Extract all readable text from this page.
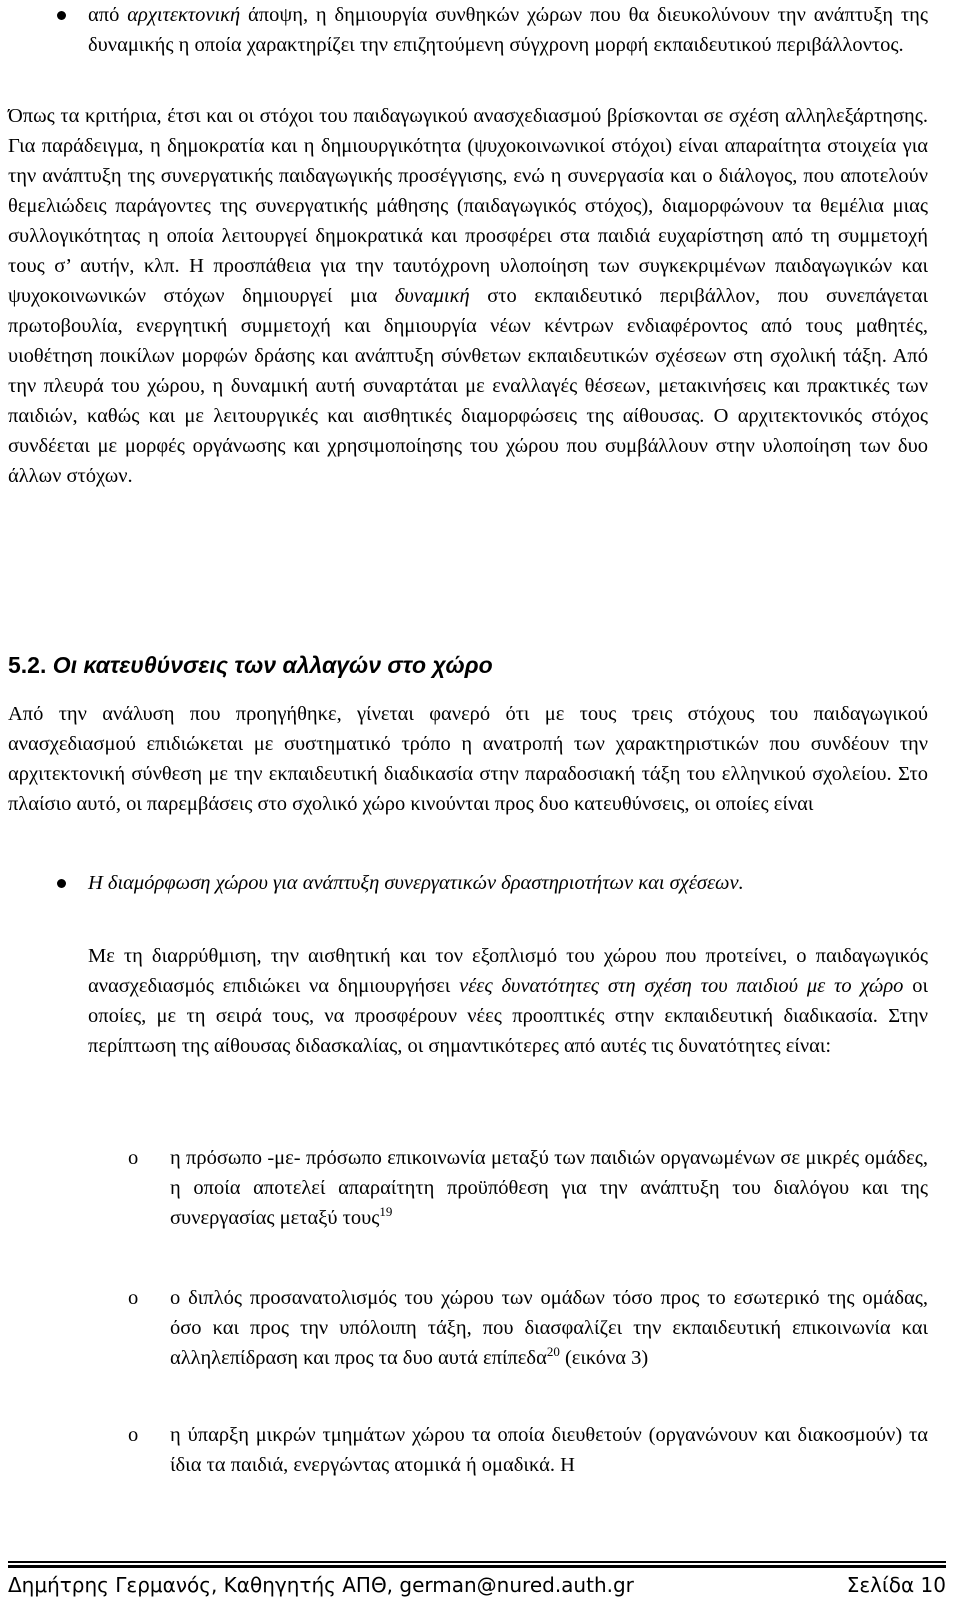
από αρχιτεκτονική άποψη, η δημιουργία συνθηκών χώρων που θα διευκολύνουν την ανάπτυξη της δυναμικής η οποία χαρακτηρίζει την επιζητούμενη σύγχρονη μορφή εκπαιδευτικού περιβάλλοντος.
Όπως τα κριτήρια, έτσι και οι στόχοι του παιδαγωγικού ανασχεδιασμού βρίσκονται σε σχέση αλληλεξάρτησης. Για παράδειγμα, η δημοκρατία και η δημιουργικότητα (ψυχοκοινωνικοί στόχοι) είναι απαραίτητα στοιχεία για την ανάπτυξη της συνεργατικής παιδαγωγικής προσέγγισης, ενώ η συνεργασία και ο διάλογος, που αποτελούν θεμελιώδεις παράγοντες της συνεργατικής μάθησης (παιδαγωγικός στόχος), διαμορφώνουν τα θεμέλια μιας συλλογικότητας η οποία λειτουργεί δημοκρατικά και προσφέρει στα παιδιά ευχαρίστηση από τη συμμετοχή τους σ’ αυτήν, κλπ. Η προσπάθεια για την ταυτόχρονη υλοποίηση των συγκεκριμένων παιδαγωγικών και ψυχοκοινωνικών στόχων δημιουργεί μια δυναμική στο εκπαιδευτικό περιβάλλον, που συνεπάγεται πρωτοβουλία, ενεργητική συμμετοχή και δημιουργία νέων κέντρων ενδιαφέροντος από τους μαθητές, υιοθέτηση ποικίλων μορφών δράσης και ανάπτυξη σύνθετων εκπαιδευτικών σχέσεων στη σχολική τάξη. Από την πλευρά του χώρου, η δυναμική αυτή συναρτάται με εναλλαγές θέσεων, μετακινήσεις και πρακτικές των παιδιών, καθώς και με λειτουργικές και αισθητικές διαμορφώσεις της αίθουσας. Ο αρχιτεκτονικός στόχος συνδέεται με μορφές οργάνωσης και χρησιμοποίησης του χώρου που συμβάλλουν στην υλοποίηση των δυο άλλων στόχων.
5.2. Οι κατευθύνσεις των αλλαγών στο χώρο
Από την ανάλυση που προηγήθηκε, γίνεται φανερό ότι με τους τρεις στόχους του παιδαγωγικού ανασχεδιασμού επιδιώκεται με συστηματικό τρόπο η ανατροπή των χαρακτηριστικών που συνδέουν την αρχιτεκτονική σύνθεση με την εκπαιδευτική διαδικασία στην παραδοσιακή τάξη του ελληνικού σχολείου. Στο πλαίσιο αυτό, οι παρεμβάσεις στο σχολικό χώρο κινούνται προς δυο κατευθύνσεις, οι οποίες είναι
Η διαμόρφωση χώρου για ανάπτυξη συνεργατικών δραστηριοτήτων και σχέσεων.
Με τη διαρρύθμιση, την αισθητική και τον εξοπλισμό του χώρου που προτείνει, ο παιδαγωγικός ανασχεδιασμός επιδιώκει να δημιουργήσει νέες δυνατότητες στη σχέση του παιδιού με το χώρο οι οποίες, με τη σειρά τους, να προσφέρουν νέες προοπτικές στην εκπαιδευτική διαδικασία. Στην περίπτωση της αίθουσας διδασκαλίας, οι σημαντικότερες από αυτές τις δυνατότητες είναι:
o η πρόσωπο -με- πρόσωπο επικοινωνία μεταξύ των παιδιών οργανωμένων σε μικρές ομάδες, η οποία αποτελεί απαραίτητη προϋπόθεση για την ανάπτυξη του διαλόγου και της συνεργασίας μεταξύ τους$^{19}$
o ο διπλός προσανατολισμός του χώρου των ομάδων τόσο προς το εσωτερικό της ομάδας, όσο και προς την υπόλοιπη τάξη, που διασφαλίζει την εκπαιδευτική επικοινωνία και αλληλεπίδραση και προς τα δυο αυτά επίπεδα$^{20}$ (εικόνα 3)
o η ύπαρξη μικρών τμημάτων χώρου τα οποία διευθετούν (οργανώνουν και διακοσμούν) τα ίδια τα παιδιά, ενεργώντας ατομικά ή ομαδικά. Η
Δημήτρης Γερμανός, Καθηγητής ΑΠΘ, german@nured.auth.gr	Σελίδα 10
